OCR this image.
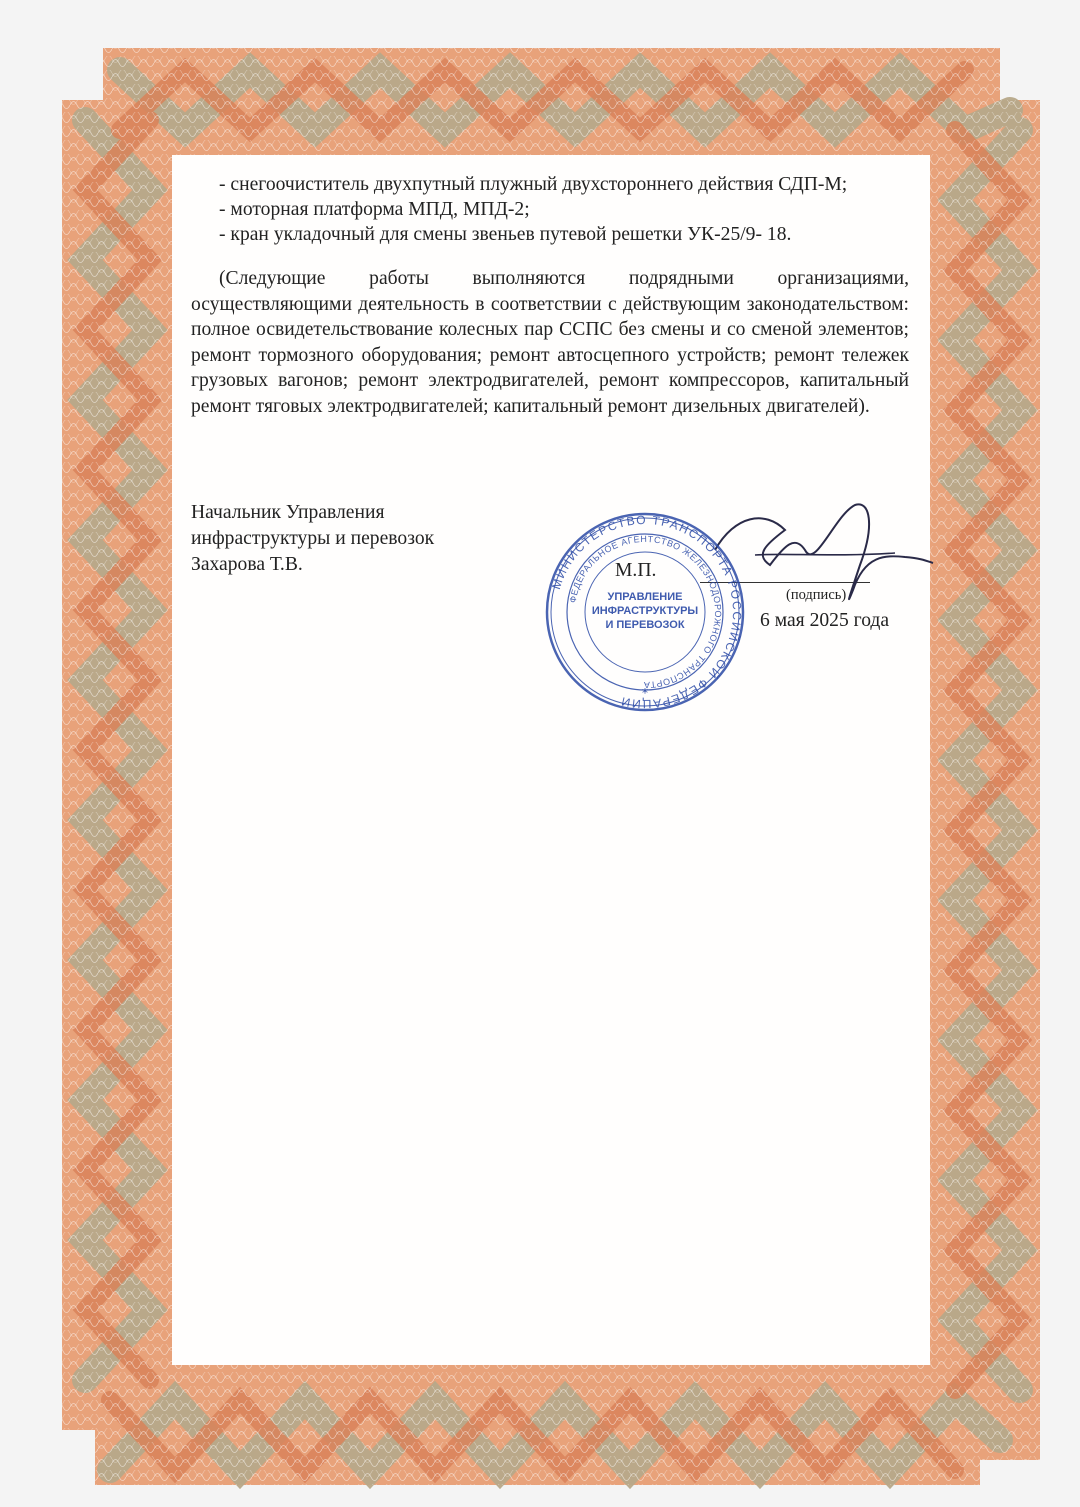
- снегоочиститель двухпутный плужный двухстороннего действия СДП-М;

- моторная платформа МПД, МПД-2;

- кран укладочный для смены звеньев путевой решетки УК-25/9- 18.

(Следующие работы выполняются подрядными организациями, осуществляющими деятельность в соответствии с действующим законодательством: полное освидетельствование колесных пар ССПС без смены и со сменой элементов; ремонт тормозного оборудования; ремонт автосцепного устройств; ремонт тележек грузовых вагонов; ремонт электродвигателей, ремонт компрессоров, капитальный ремонт тяговых электродвигателей; капитальный ремонт дизельных двигателей).

Начальник Управления
инфраструктуры и перевозок
Захарова Т.В.	М.П.
(подпись)
6 мая 2025 года
МИНИСТЕРСТВО ТРАНСПОРТА РОССИЙСКОЙ ФЕДЕРАЦИИ
ФЕДЕРАЛЬНОЕ АГЕНТСТВО ЖЕЛЕЗНОДОРОЖНОГО ТРАНСПОРТА
УПРАВЛЕНИЕ
ИНФРАСТРУКТУРЫ
И ПЕРЕВОЗОК
*
